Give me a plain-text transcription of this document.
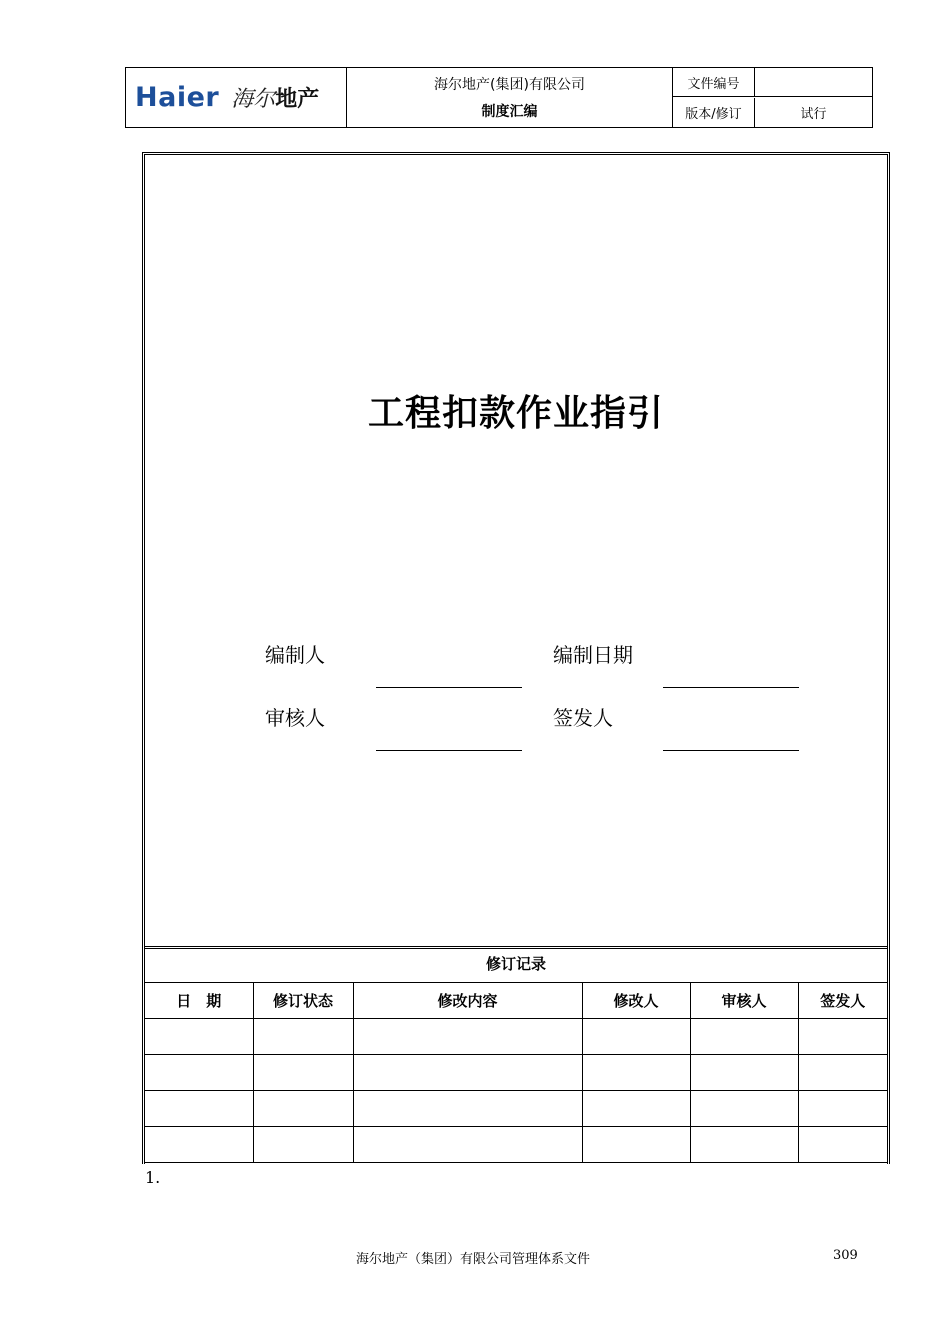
Haier 海尔 地产
海尔地产(集团)有限公司
制度汇编
文件编号
版本/修订	试行
工程扣款作业指引
编制人	编制日期
审核人	签发人
修订记录
日　期	修订状态	修改内容	修改人	审核人	签发人

1.
海尔地产（集团）有限公司管理体系文件	309
